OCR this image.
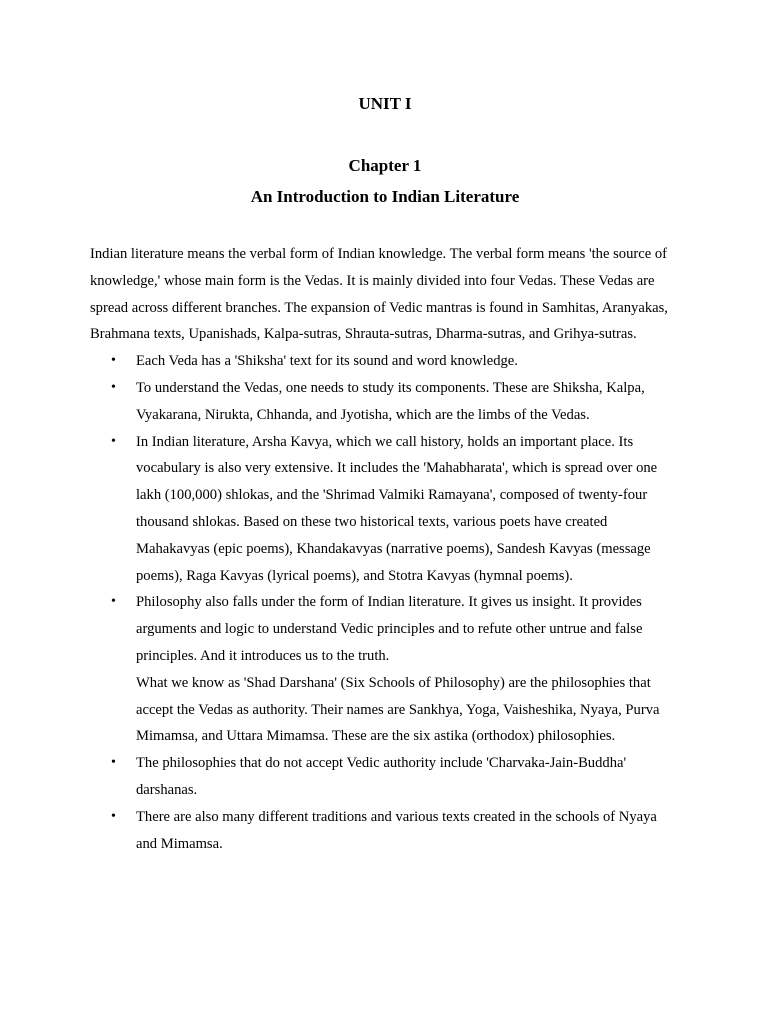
UNIT I
Chapter 1
An Introduction to Indian Literature

Indian literature means the verbal form of Indian knowledge. The verbal form means 'the source of knowledge,' whose main form is the Vedas. It is mainly divided into four Vedas. These Vedas are spread across different branches. The expansion of Vedic mantras is found in Samhitas, Aranyakas, Brahmana texts, Upanishads, Kalpa-sutras, Shrauta-sutras, Dharma-sutras, and Grihya-sutras.

• Each Veda has a 'Shiksha' text for its sound and word knowledge.

• To understand the Vedas, one needs to study its components. These are Shiksha, Kalpa, Vyakarana, Nirukta, Chhanda, and Jyotisha, which are the limbs of the Vedas.

• In Indian literature, Arsha Kavya, which we call history, holds an important place. Its vocabulary is also very extensive. It includes the 'Mahabharata', which is spread over one lakh (100,000) shlokas, and the 'Shrimad Valmiki Ramayana', composed of twenty-four thousand shlokas. Based on these two historical texts, various poets have created Mahakavyas (epic poems), Khandakavyas (narrative poems), Sandesh Kavyas (message poems), Raga Kavyas (lyrical poems), and Stotra Kavyas (hymnal poems).

• Philosophy also falls under the form of Indian literature. It gives us insight. It provides arguments and logic to understand Vedic principles and to refute other untrue and false principles. And it introduces us to the truth.

What we know as 'Shad Darshana' (Six Schools of Philosophy) are the philosophies that accept the Vedas as authority. Their names are Sankhya, Yoga, Vaisheshika, Nyaya, Purva Mimamsa, and Uttara Mimamsa. These are the six astika (orthodox) philosophies.

• The philosophies that do not accept Vedic authority include 'Charvaka-Jain-Buddha' darshanas.

• There are also many different traditions and various texts created in the schools of Nyaya and Mimamsa.
